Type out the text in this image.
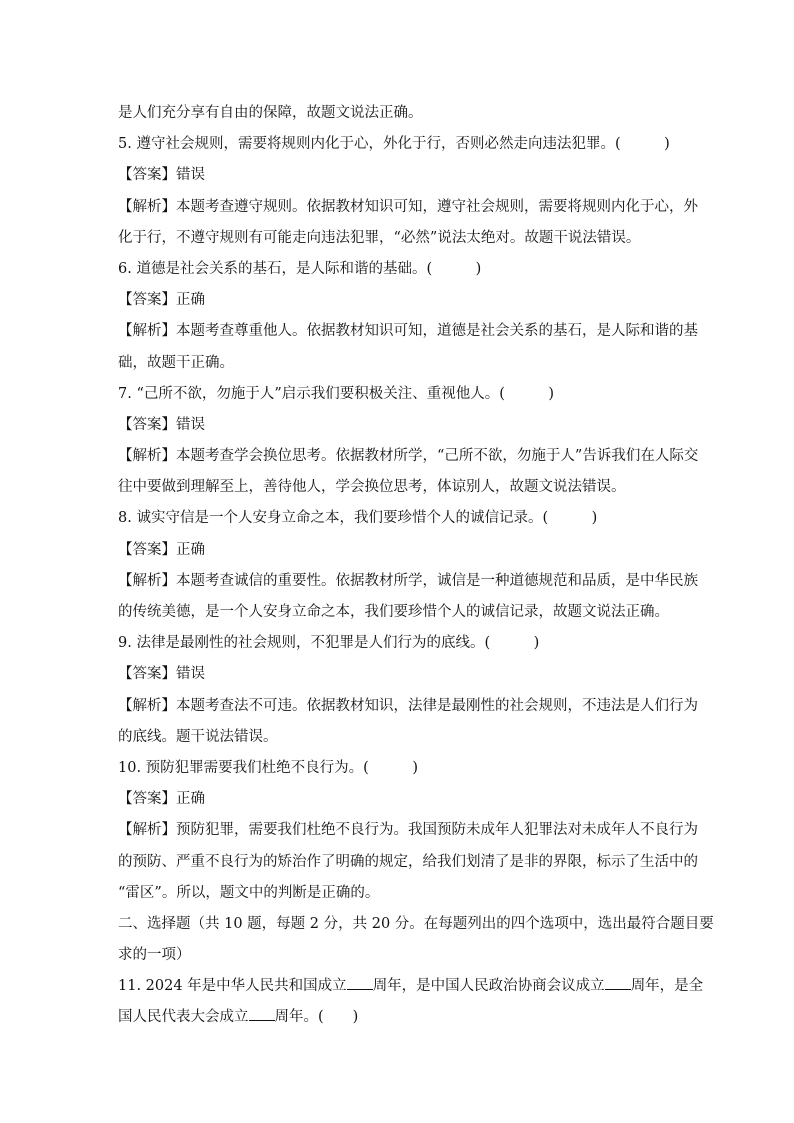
是人们充分享有自由的保障，故题文说法正确。
5. 遵守社会规则，需要将规则内化于心，外化于行，否则必然走向违法犯罪。(　　　)
【答案】错误
【解析】本题考查遵守规则。依据教材知识可知，遵守社会规则，需要将规则内化于心，外
化于行，不遵守规则有可能走向违法犯罪，“必然”说法太绝对。故题干说法错误。
6. 道德是社会关系的基石，是人际和谐的基础。(　　　)
【答案】正确
【解析】本题考查尊重他人。依据教材知识可知，道德是社会关系的基石，是人际和谐的基
础，故题干正确。
7. “己所不欲，勿施于人”启示我们要积极关注、重视他人。(　　　)
【答案】错误
【解析】本题考查学会换位思考。依据教材所学，“己所不欲，勿施于人”告诉我们在人际交
往中要做到理解至上，善待他人，学会换位思考，体谅别人，故题文说法错误。
8. 诚实守信是一个人安身立命之本，我们要珍惜个人的诚信记录。(　　　)
【答案】正确
【解析】本题考查诚信的重要性。依据教材所学，诚信是一种道德规范和品质，是中华民族
的传统美德，是一个人安身立命之本，我们要珍惜个人的诚信记录，故题文说法正确。
9. 法律是最刚性的社会规则，不犯罪是人们行为的底线。(　　　)
【答案】错误
【解析】本题考查法不可违。依据教材知识，法律是最刚性的社会规则，不违法是人们行为
的底线。题干说法错误。
10. 预防犯罪需要我们杜绝不良行为。(　　　)
【答案】正确
【解析】预防犯罪，需要我们杜绝不良行为。我国预防未成年人犯罪法对未成年人不良行为
的预防、严重不良行为的矫治作了明确的规定，给我们划清了是非的界限，标示了生活中的
“雷区”。所以，题文中的判断是正确的。
二、选择题（共 10 题，每题 2 分，共 20 分。在每题列出的四个选项中，选出最符合题目要
求的一项）
11. 2024 年是中华人民共和国成立 周年，是中国人民政治协商会议成立 周年，是全
国人民代表大会成立 周年。(　　)
